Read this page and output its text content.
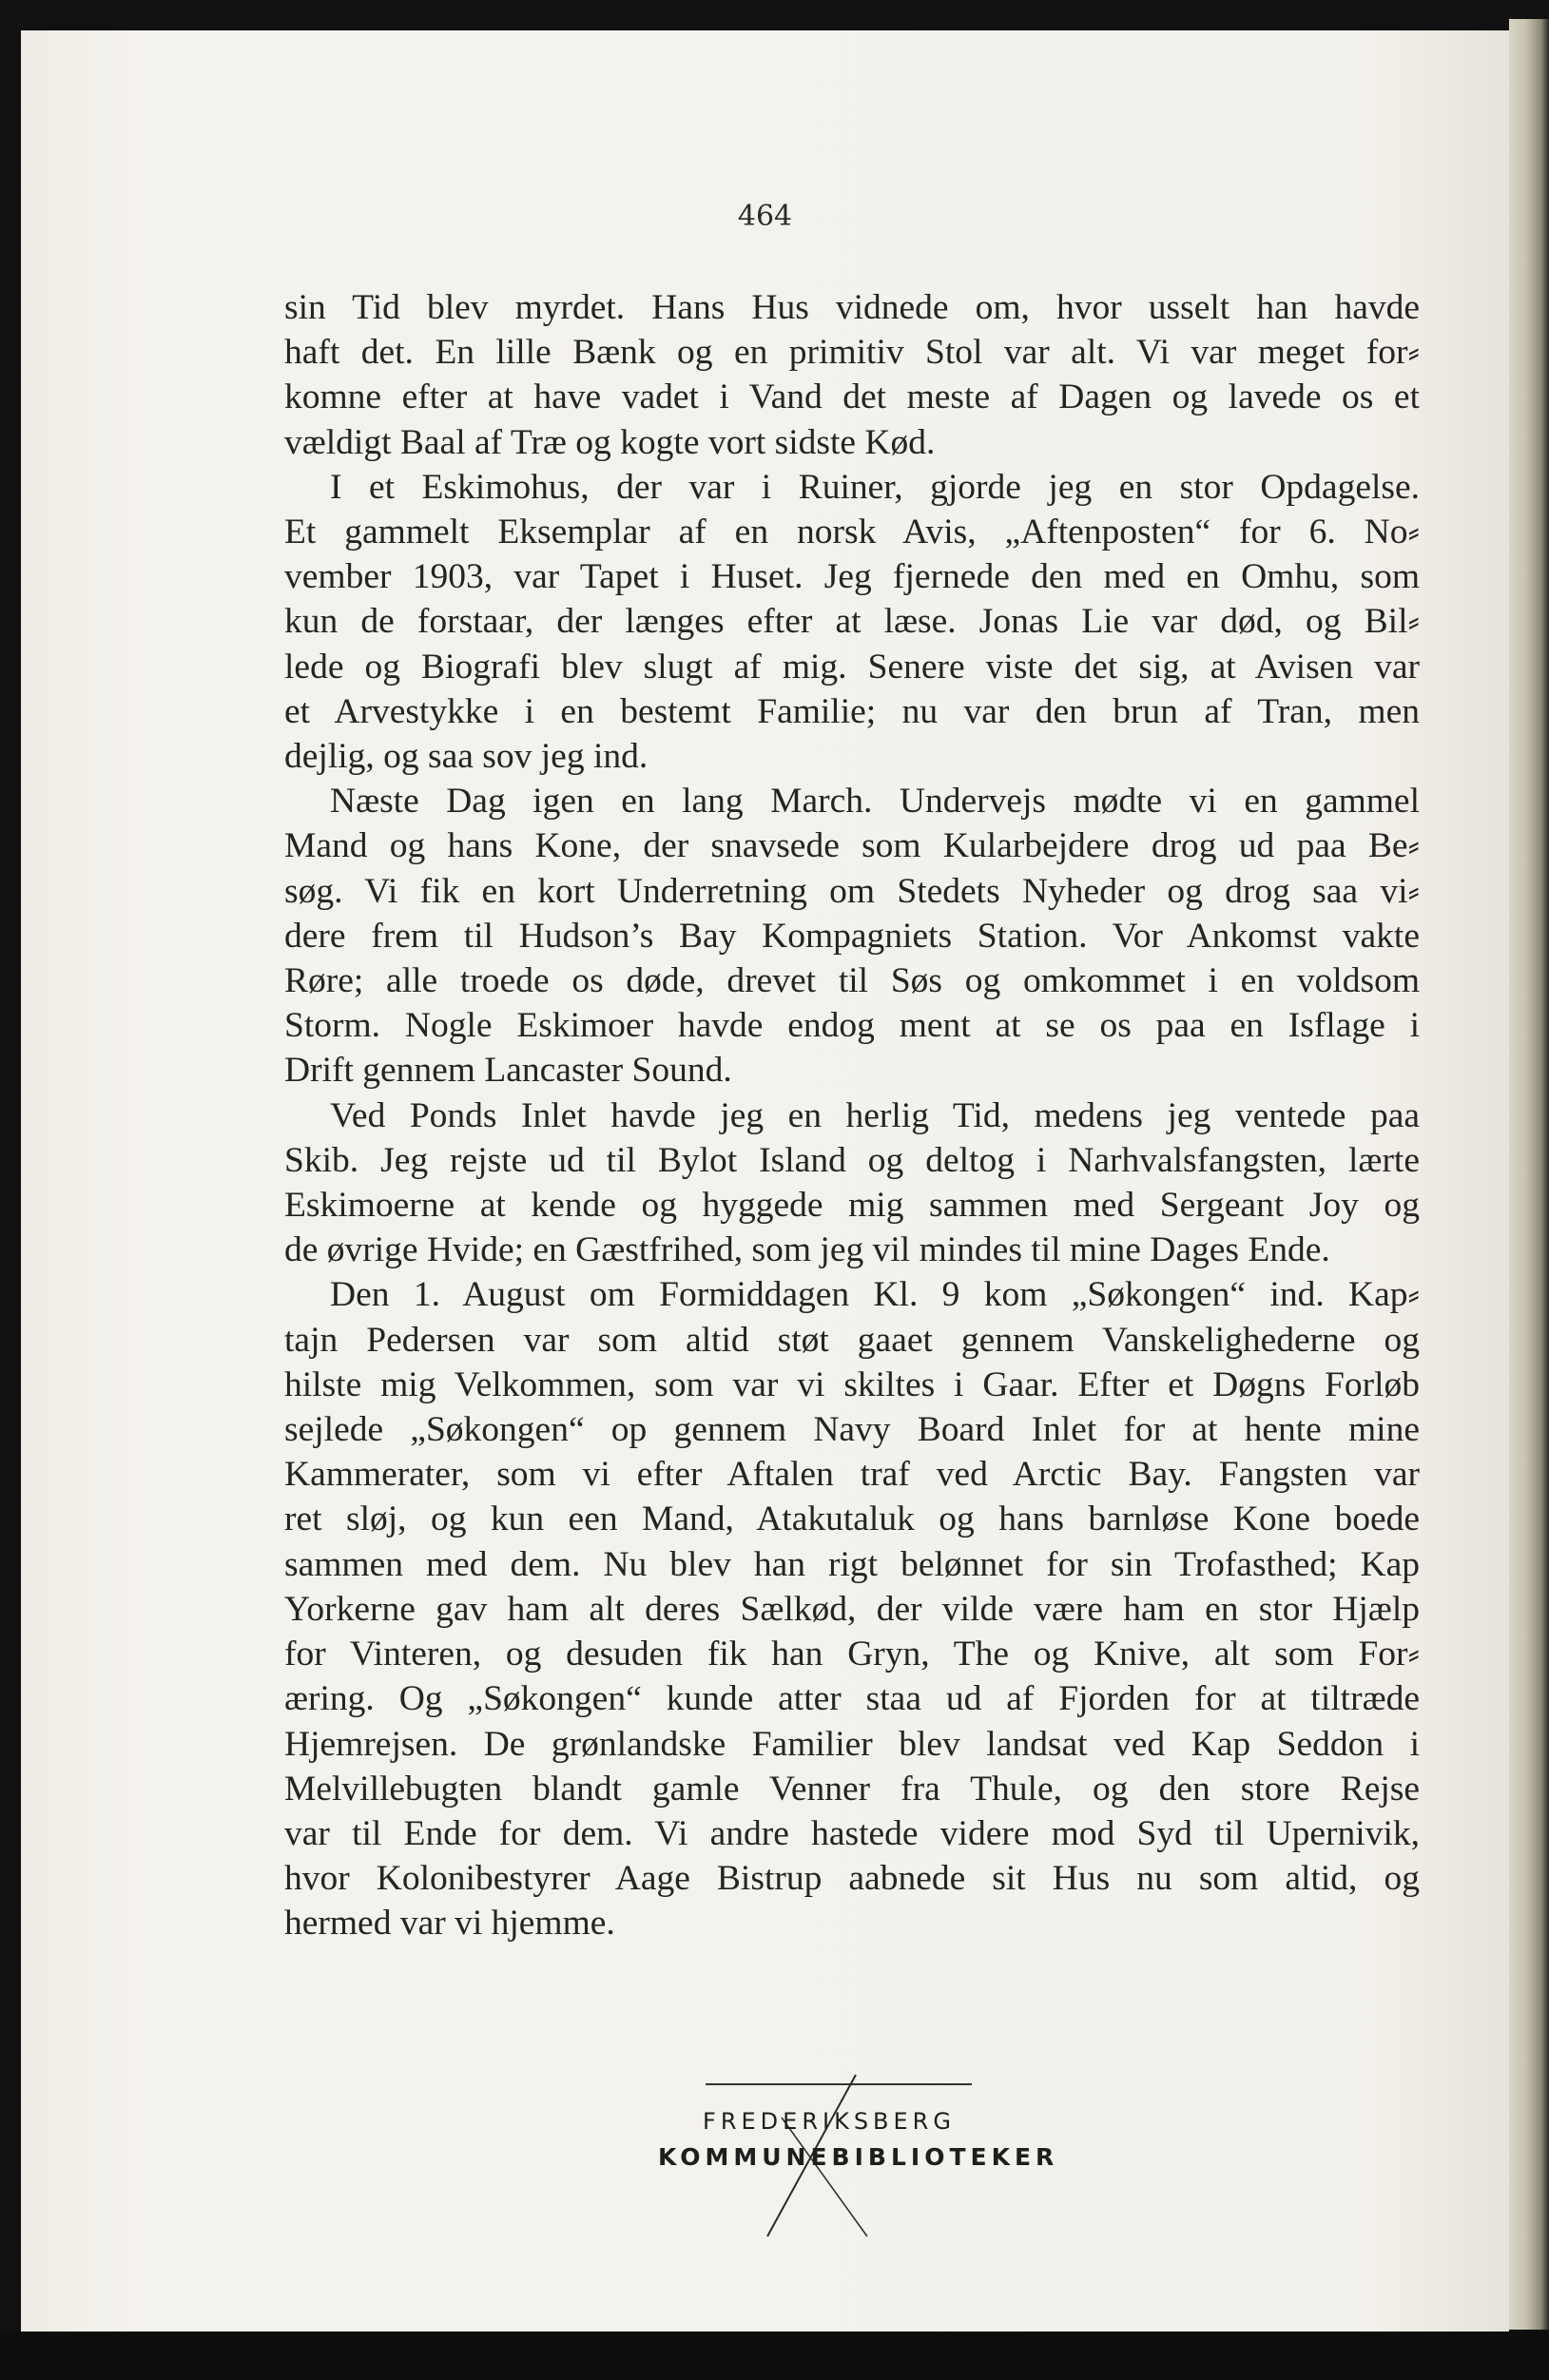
464

sin Tid blev myrdet. Hans Hus vidnede om, hvor usselt han havde
haft det. En lille Bænk og en primitiv Stol var alt. Vi var meget for⸗
komne efter at have vadet i Vand det meste af Dagen og lavede os et
vældigt Baal af Træ og kogte vort sidste Kød.
I et Eskimohus, der var i Ruiner, gjorde jeg en stor Opdagelse.
Et gammelt Eksemplar af en norsk Avis, „Aftenposten“ for 6. No⸗
vember 1903, var Tapet i Huset. Jeg fjernede den med en Omhu, som
kun de forstaar, der længes efter at læse. Jonas Lie var død, og Bil⸗
lede og Biografi blev slugt af mig. Senere viste det sig, at Avisen var
et Arvestykke i en bestemt Familie; nu var den brun af Tran, men
dejlig, og saa sov jeg ind.
Næste Dag igen en lang March. Undervejs mødte vi en gammel
Mand og hans Kone, der snavsede som Kularbejdere drog ud paa Be⸗
søg. Vi fik en kort Underretning om Stedets Nyheder og drog saa vi⸗
dere frem til Hudson’s Bay Kompagniets Station. Vor Ankomst vakte
Røre; alle troede os døde, drevet til Søs og omkommet i en voldsom
Storm. Nogle Eskimoer havde endog ment at se os paa en Isflage i
Drift gennem Lancaster Sound.
Ved Ponds Inlet havde jeg en herlig Tid, medens jeg ventede paa
Skib. Jeg rejste ud til Bylot Island og deltog i Narhvalsfangsten, lærte
Eskimoerne at kende og hyggede mig sammen med Sergeant Joy og
de øvrige Hvide; en Gæstfrihed, som jeg vil mindes til mine Dages Ende.
Den 1. August om Formiddagen Kl. 9 kom „Søkongen“ ind. Kap⸗
tajn Pedersen var som altid støt gaaet gennem Vanskelighederne og
hilste mig Velkommen, som var vi skiltes i Gaar. Efter et Døgns Forløb
sejlede „Søkongen“ op gennem Navy Board Inlet for at hente mine
Kammerater, som vi efter Aftalen traf ved Arctic Bay. Fangsten var
ret sløj, og kun een Mand, Atakutaluk og hans barnløse Kone boede
sammen med dem. Nu blev han rigt belønnet for sin Trofasthed; Kap
Yorkerne gav ham alt deres Sælkød, der vilde være ham en stor Hjælp
for Vinteren, og desuden fik han Gryn, The og Knive, alt som For⸗
æring. Og „Søkongen“ kunde atter staa ud af Fjorden for at tiltræde
Hjemrejsen. De grønlandske Familier blev landsat ved Kap Seddon i
Melvillebugten blandt gamle Venner fra Thule, og den store Rejse
var til Ende for dem. Vi andre hastede videre mod Syd til Upernivik,
hvor Kolonibestyrer Aage Bistrup aabnede sit Hus nu som altid, og
hermed var vi hjemme.

FREDERIKSBERG

KOMMUNEBIBLIOTEKER
